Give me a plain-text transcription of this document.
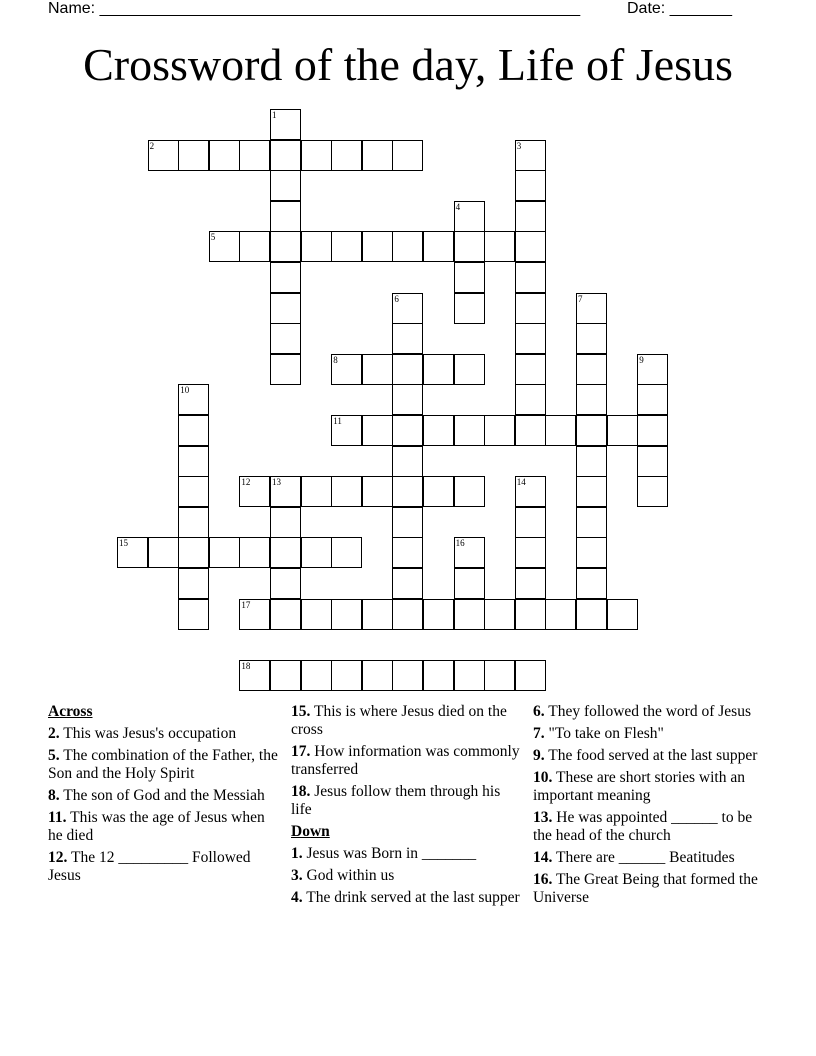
Name: ______________________________________________________	Date: _______
Crossword of the day, Life of Jesus
1
2	3
4
5
6	7
8	9
10
11
12 13	14
15	16
17
18
Across
2. This was Jesus's occupation
5. The combination of the Father, the Son and the Holy Spirit
8. The son of God and the Messiah
11. This was the age of Jesus when he died
12. The 12 _________ Followed Jesus
15. This is where Jesus died on the cross
17. How information was commonly transferred
18. Jesus follow them through his life
Down
1. Jesus was Born in _______
3. God within us
4. The drink served at the last supper
6. They followed the word of Jesus
7. "To take on Flesh"
9. The food served at the last supper
10. These are short stories with an important meaning
13. He was appointed ______ to be the head of the church
14. There are ______ Beatitudes
16. The Great Being that formed the Universe
